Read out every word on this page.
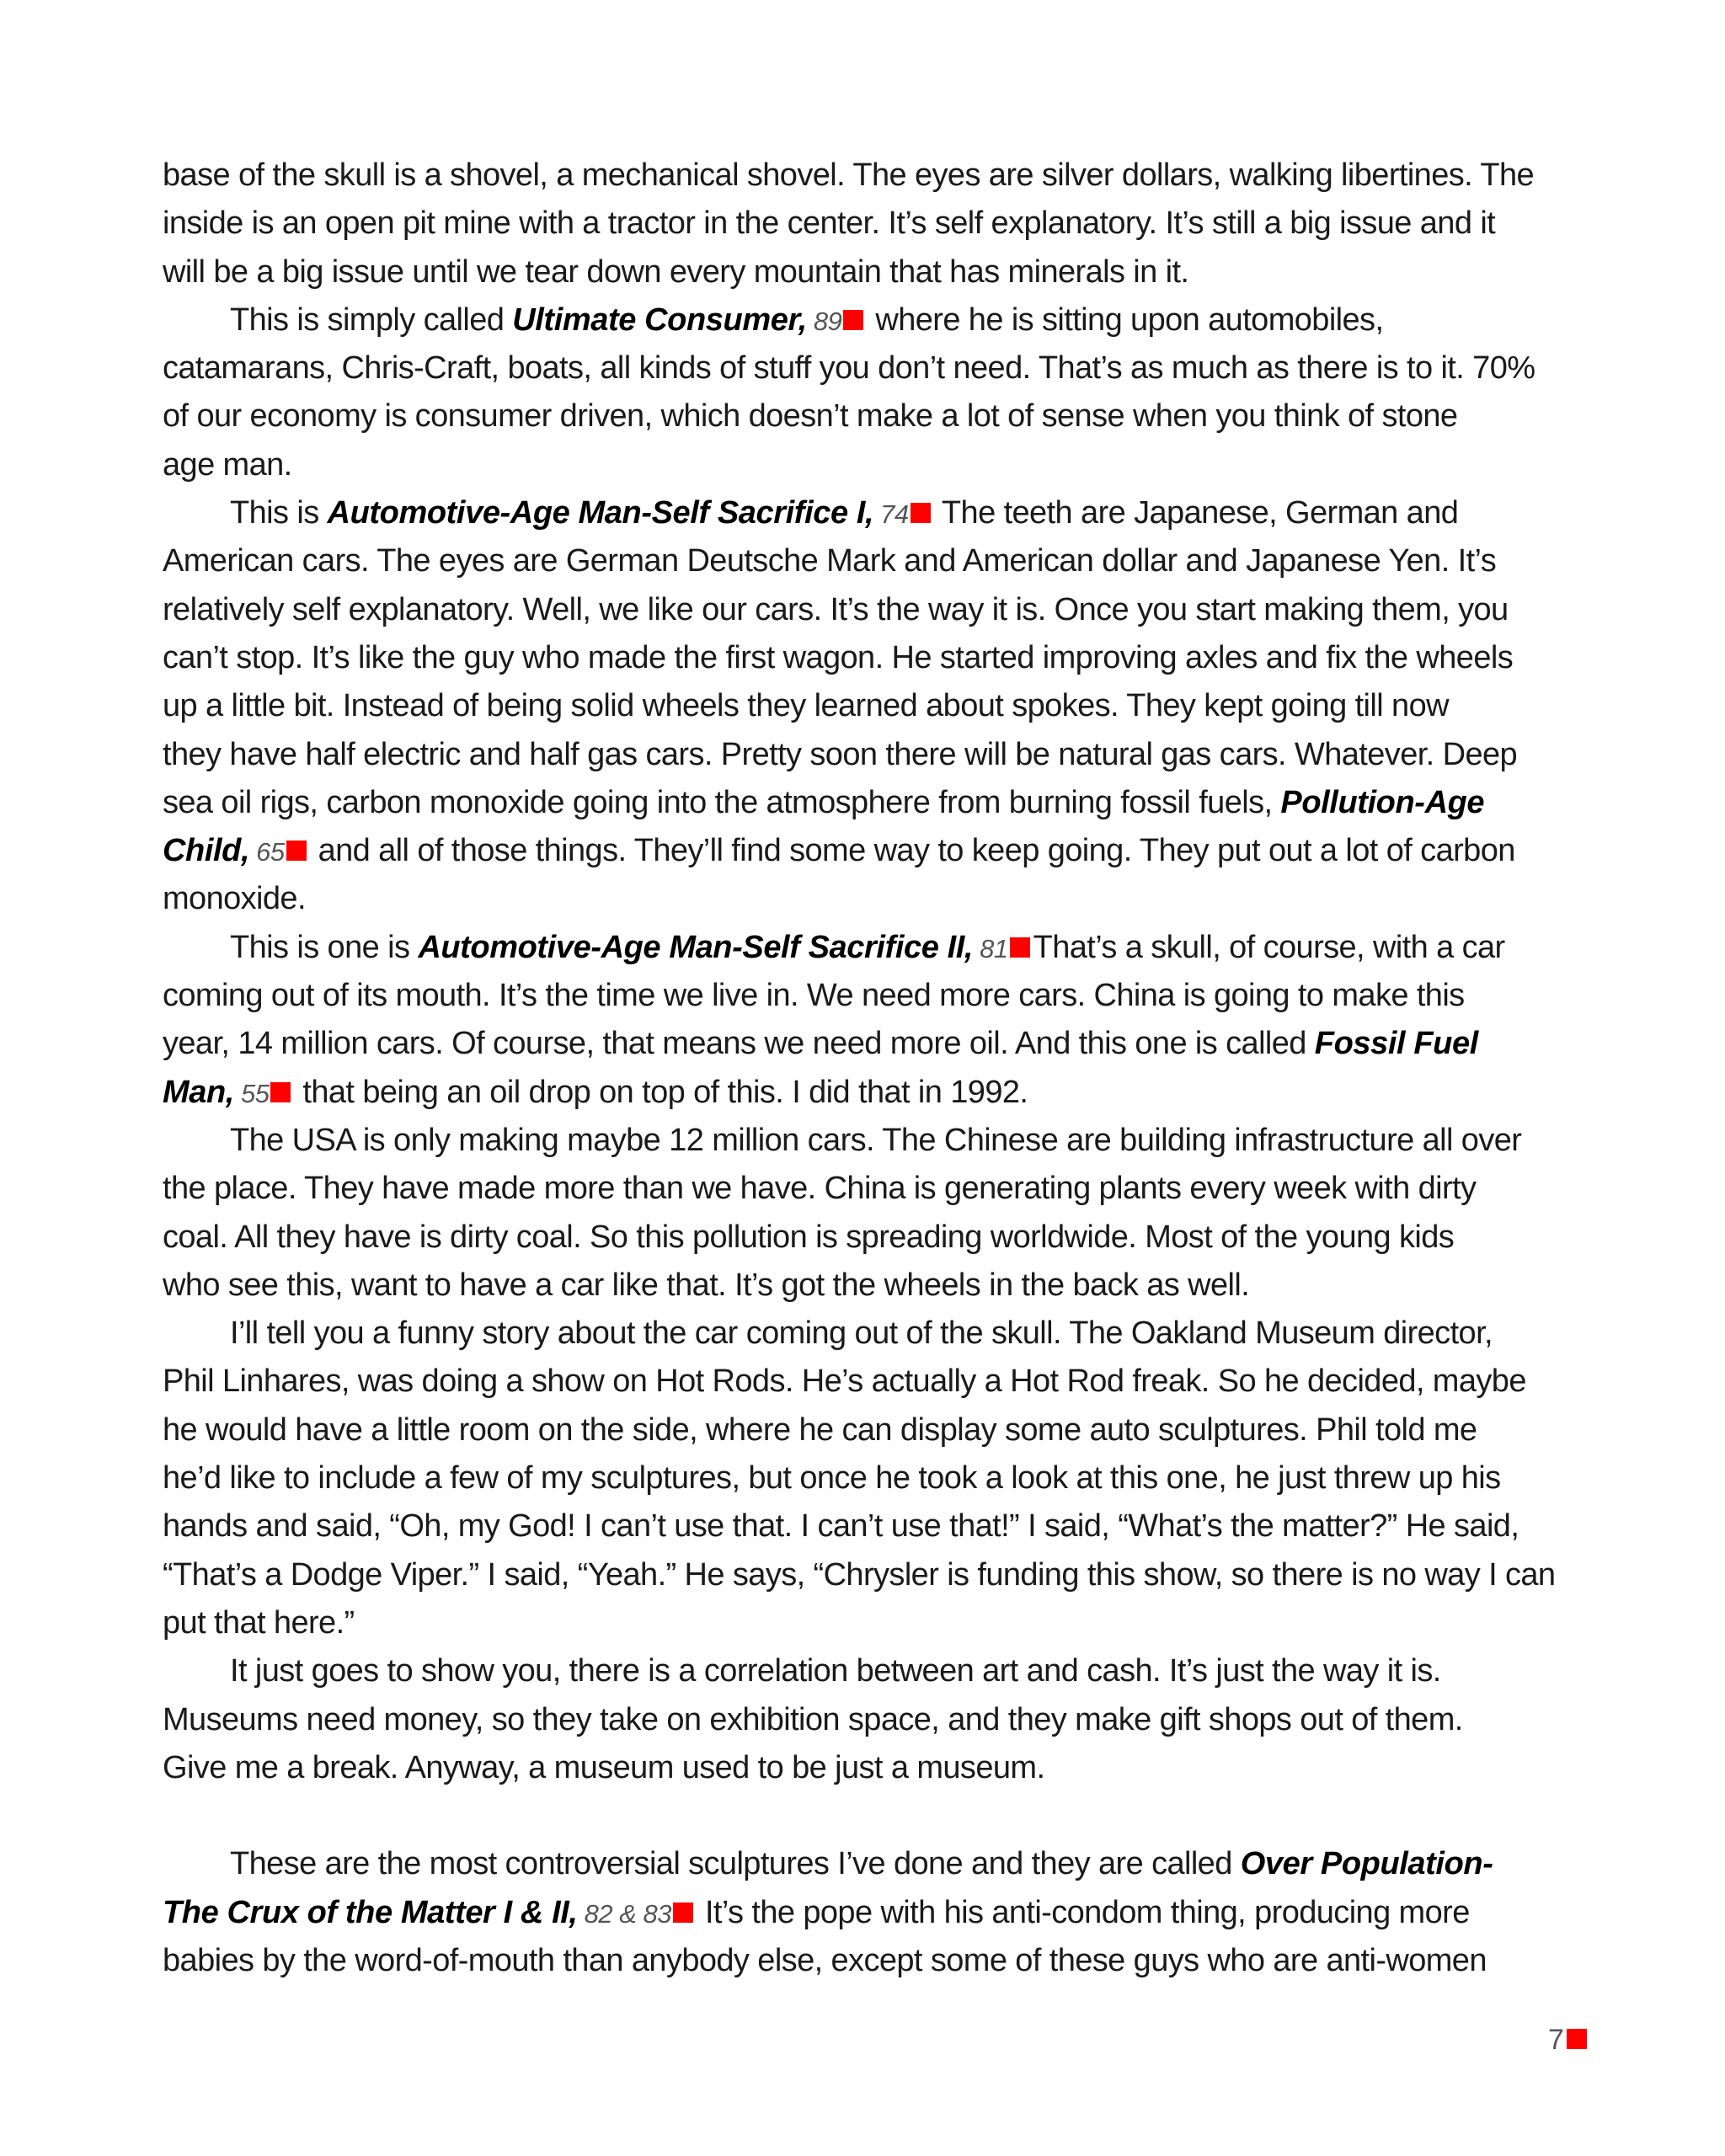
base of the skull is a shovel, a mechanical shovel. The eyes are silver dollars, walking libertines. The
inside is an open pit mine with a tractor in the center. It’s self explanatory. It’s still a big issue and it
will be a big issue until we tear down every mountain that has minerals in it.
This is simply called Ultimate Consumer, 89 where he is sitting upon automobiles,
catamarans, Chris-Craft, boats, all kinds of stuff you don’t need. That’s as much as there is to it. 70%
of our economy is consumer driven, which doesn’t make a lot of sense when you think of stone
age man.
This is Automotive-Age Man-Self Sacrifice I, 74 The teeth are Japanese, German and
American cars. The eyes are German Deutsche Mark and American dollar and Japanese Yen. It’s
relatively self explanatory. Well, we like our cars. It’s the way it is. Once you start making them, you
can’t stop. It’s like the guy who made the first wagon. He started improving axles and fix the wheels
up a little bit. Instead of being solid wheels they learned about spokes. They kept going till now
they have half electric and half gas cars. Pretty soon there will be natural gas cars. Whatever. Deep
sea oil rigs, carbon monoxide going into the atmosphere from burning fossil fuels, Pollution-Age
Child, 65 and all of those things. They’ll find some way to keep going. They put out a lot of carbon
monoxide.
This is one is Automotive-Age Man-Self Sacrifice II, 81 That’s a skull, of course, with a car
coming out of its mouth. It’s the time we live in. We need more cars. China is going to make this
year, 14 million cars. Of course, that means we need more oil. And this one is called Fossil Fuel
Man, 55 that being an oil drop on top of this. I did that in 1992.
The USA is only making maybe 12 million cars. The Chinese are building infrastructure all over
the place. They have made more than we have. China is generating plants every week with dirty
coal. All they have is dirty coal. So this pollution is spreading worldwide. Most of the young kids
who see this, want to have a car like that. It’s got the wheels in the back as well.
I’ll tell you a funny story about the car coming out of the skull. The Oakland Museum director,
Phil Linhares, was doing a show on Hot Rods. He’s actually a Hot Rod freak. So he decided, maybe
he would have a little room on the side, where he can display some auto sculptures. Phil told me
he’d like to include a few of my sculptures, but once he took a look at this one, he just threw up his
hands and said, “Oh, my God! I can’t use that. I can’t use that!” I said, “What’s the matter?” He said,
“That’s a Dodge Viper.” I said, “Yeah.” He says, “Chrysler is funding this show, so there is no way I can
put that here.”
It just goes to show you, there is a correlation between art and cash. It’s just the way it is.
Museums need money, so they take on exhibition space, and they make gift shops out of them.
Give me a break. Anyway, a museum used to be just a museum.

These are the most controversial sculptures I’ve done and they are called Over Population-
The Crux of the Matter I & II, 82 & 83 It’s the pope with his anti-condom thing, producing more
babies by the word-of-mouth than anybody else, except some of these guys who are anti-women
7
